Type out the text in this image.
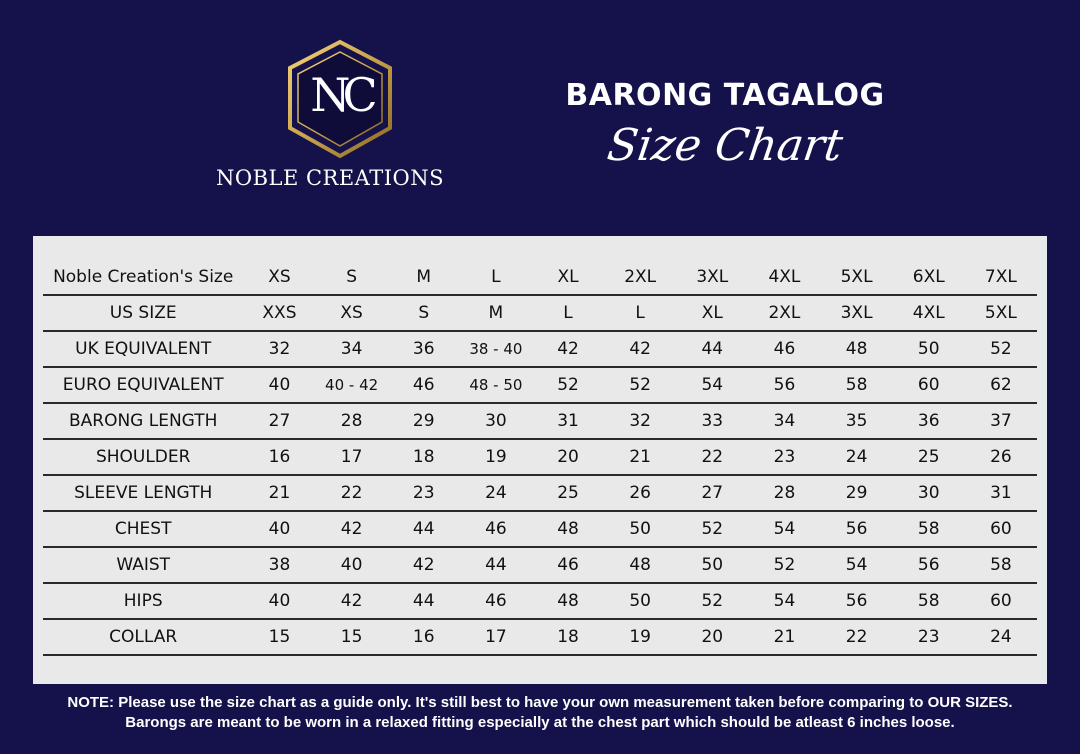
NC
NOBLE CREATIONS
BARONG TAGALOG
Size Chart
Noble Creation's Size	XS	S	M	L	XL	2XL	3XL	4XL	5XL	6XL	7XL
US SIZE	XXS	XS	S	M	L	L	XL	2XL	3XL	4XL	5XL
UK EQUIVALENT	32	34	36	38 - 40	42	42	44	46	48	50	52
EURO EQUIVALENT	40	40 - 42	46	48 - 50	52	52	54	56	58	60	62
BARONG LENGTH	27	28	29	30	31	32	33	34	35	36	37
SHOULDER	16	17	18	19	20	21	22	23	24	25	26
SLEEVE LENGTH	21	22	23	24	25	26	27	28	29	30	31
CHEST	40	42	44	46	48	50	52	54	56	58	60
WAIST	38	40	42	44	46	48	50	52	54	56	58
HIPS	40	42	44	46	48	50	52	54	56	58	60
COLLAR	15	15	16	17	18	19	20	21	22	23	24
NOTE: Please use the size chart as a guide only. It's still best to have your own measurement taken before comparing to OUR SIZES.
Barongs are meant to be worn in a relaxed fitting especially at the chest part which should be atleast 6 inches loose.
